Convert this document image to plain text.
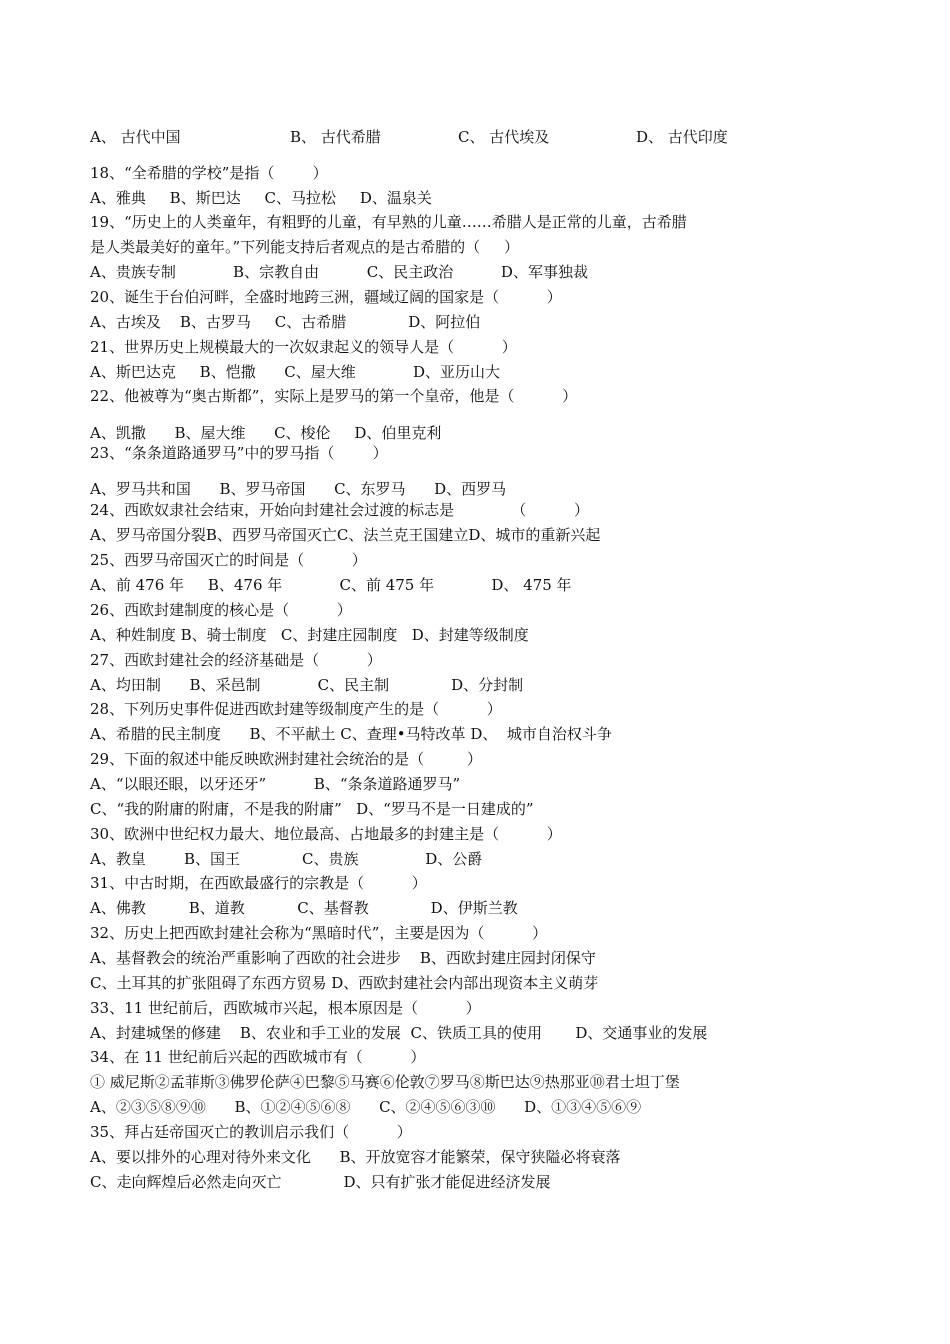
A、 古代中国	B、 古代希腊	C、 古代埃及	D、 古代印度
18、“全希腊的学校”是指（        ）
A、雅典     B、斯巴达     C、马拉松     D、温泉关
19、“历史上的人类童年，有粗野的儿童，有早熟的儿童……希腊人是正常的儿童，古希腊
是人类最美好的童年。”下列能支持后者观点的是古希腊的（     ）
A、贵族专制            B、宗教自由          C、民主政治          D、军事独裁
20、诞生于台伯河畔，全盛时地跨三洲，疆域辽阔的国家是（          ）
A、古埃及    B、古罗马     C、古希腊             D、阿拉伯
21、世界历史上规模最大的一次奴隶起义的领导人是（          ）
A、斯巴达克     B、恺撒      C、屋大维            D、亚历山大
22、他被尊为“奥古斯都”，实际上是罗马的第一个皇帝，他是（          ）
A、凯撒      B、屋大维      C、梭伦     D、伯里克利
23、“条条道路通罗马”中的罗马指（        ）
A、罗马共和国      B、罗马帝国      C、东罗马      D、西罗马
24、西欧奴隶社会结束，开始向封建社会过渡的标志是            （          ）
A、罗马帝国分裂B、西罗马帝国灭亡C、法兰克王国建立D、城市的重新兴起
25、西罗马帝国灭亡的时间是（          ）
A、前 476 年     B、476 年            C、前 475 年            D、 475 年
26、西欧封建制度的核心是（          ）
A、种姓制度 B、骑士制度   C、封建庄园制度   D、封建等级制度
27、西欧封建社会的经济基础是（          ）
A、均田制      B、采邑制            C、民主制             D、分封制
28、下列历史事件促进西欧封建等级制度产生的是（          ）
A、希腊的民主制度      B、不平献土 C、查理•马特改革 D、  城市自治权斗争
29、下面的叙述中能反映欧洲封建社会统治的是（         ）
A、“以眼还眼，以牙还牙”          B、“条条道路通罗马”
C、“我的附庸的附庸，不是我的附庸”   D、“罗马不是一日建成的”
30、欧洲中世纪权力最大、地位最高、占地最多的封建主是（          ）
A、教皇        B、国王             C、贵族              D、公爵
31、中古时期，在西欧最盛行的宗教是（          ）
A、佛教         B、道教           C、基督教             D、伊斯兰教
32、历史上把西欧封建社会称为“黑暗时代”，主要是因为（          ）
A、基督教会的统治严重影响了西欧的社会进步    B、西欧封建庄园封闭保守
C、土耳其的扩张阻碍了东西方贸易 D、西欧封建社会内部出现资本主义萌芽
33、11 世纪前后，西欧城市兴起，根本原因是（          ）
A、封建城堡的修建    B、农业和手工业的发展  C、铁质工具的使用       D、交通事业的发展
34、在 11 世纪前后兴起的西欧城市有（          ）
① 威尼斯②孟菲斯③佛罗伦萨④巴黎⑤马赛⑥伦敦⑦罗马⑧斯巴达⑨热那亚⑩君士坦丁堡
A、②③⑤⑧⑨⑩      B、①②④⑤⑥⑧      C、②④⑤⑥③⑩      D、①③④⑤⑥⑨
35、拜占廷帝国灭亡的教训启示我们（          ）
A、要以排外的心理对待外来文化      B、开放宽容才能繁荣，保守狭隘必将衰落
C、走向辉煌后必然走向灭亡             D、只有扩张才能促进经济发展
